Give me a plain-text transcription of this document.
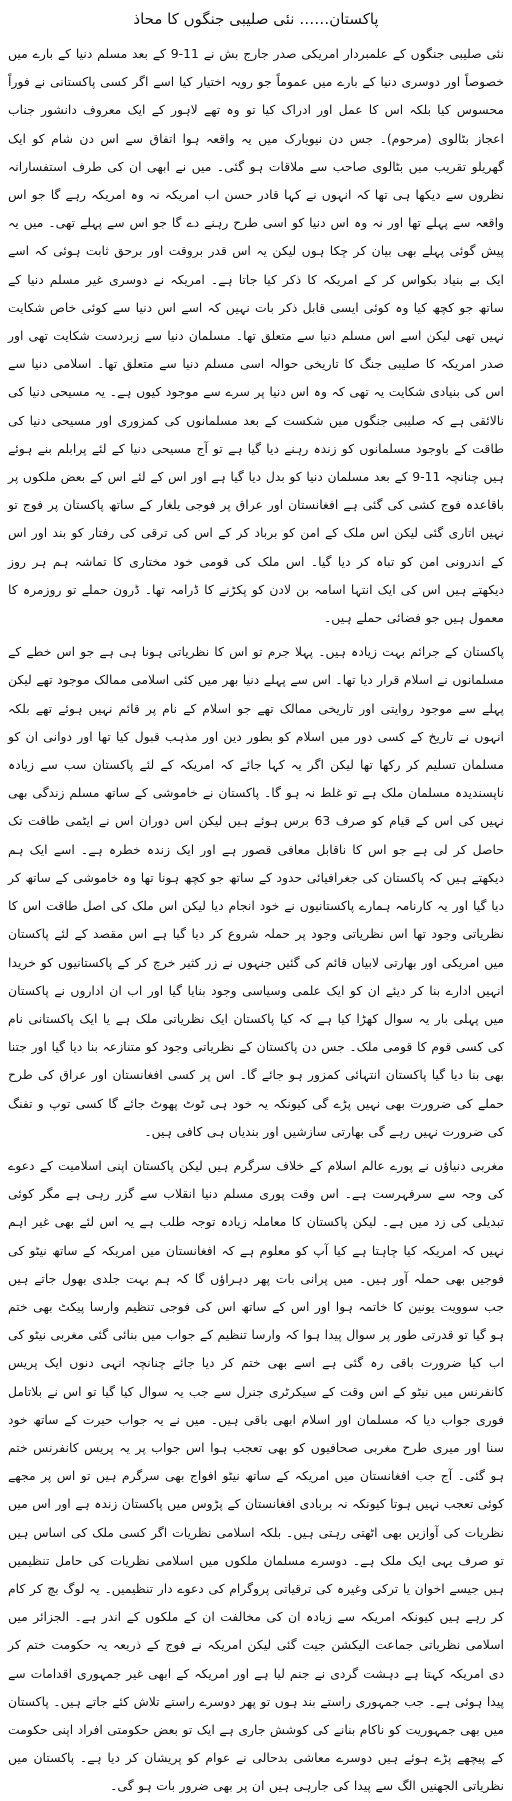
پاکستان…… نئی صلیبی جنگوں کا محاذ

نئی صلیبی جنگوں کے علمبردار امریکی صدر جارج بش نے 11-9 کے بعد مسلم دنیا کے بارے میں خصوصاً اور دوسری دنیا کے بارے میں عموماً جو رویہ اختیار کیا اسے اگر کسی پاکستانی نے فوراً محسوس کیا بلکہ اس کا عمل اور ادراک کیا تو وہ تھے لاہور کے ایک معروف دانشور جناب اعجاز بٹالوی (مرحوم)۔ جس دن نیویارک میں یہ واقعہ ہوا اتفاق سے اس دن شام کو ایک گھریلو تقریب میں بٹالوی صاحب سے ملاقات ہو گئی۔ میں نے ابھی ان کی طرف استفسارانہ نظروں سے دیکھا ہی تھا کہ انہوں نے کہا قادر حسن اب امریکہ نہ وہ امریکہ رہے گا جو اس واقعہ سے پہلے تھا اور نہ وہ اس دنیا کو اسی طرح رہنے دے گا جو اس سے پہلے تھی۔ میں یہ پیش گوئی پہلے بھی بیان کر چکا ہوں لیکن یہ اس قدر بروقت اور برحق ثابت ہوئی کہ اسے ایک بے بنیاد بکواس کر کے امریکہ کا ذکر کیا جاتا ہے۔ امریکہ نے دوسری غیر مسلم دنیا کے ساتھ جو کچھ کیا وہ کوئی ایسی قابل ذکر بات نہیں کہ اسے اس دنیا سے کوئی خاص شکایت نہیں تھی لیکن اسے اس مسلم دنیا سے متعلق تھا۔ مسلمان دنیا سے زبردست شکایت تھی اور صدر امریکہ کا صلیبی جنگ کا تاریخی حوالہ اسی مسلم دنیا سے متعلق تھا۔ اسلامی دنیا سے اس کی بنیادی شکایت یہ تھی کہ وہ اس دنیا پر سرے سے موجود کیوں ہے۔ یہ مسیحی دنیا کی نالائقی ہے کہ صلیبی جنگوں میں شکست کے بعد مسلمانوں کی کمزوری اور مسیحی دنیا کی طاقت کے باوجود مسلمانوں کو زندہ رہنے دیا گیا ہے تو آج مسیحی دنیا کے لئے پرابلم بنے ہوئے ہیں چنانچہ 11-9 کے بعد مسلمان دنیا کو بدل دیا گیا ہے اور اس کے لئے اس کے بعض ملکوں پر باقاعدہ فوج کشی کی گئی ہے افغانستان اور عراق پر فوجی یلغار کے ساتھ پاکستان پر فوج تو نہیں اتاری گئی لیکن اس ملک کے امن کو برباد کر کے اس کی ترقی کی رفتار کو بند اور اس کے اندرونی امن کو تباہ کر دیا گیا۔ اس ملک کی قومی خود مختاری کا تماشہ ہم ہر روز دیکھتے ہیں اس کی ایک انتہا اسامہ بن لادن کو پکڑنے کا ڈرامہ تھا۔ ڈرون حملے تو روزمرہ کا معمول ہیں جو فضائی حملے ہیں۔

پاکستان کے جرائم بہت زیادہ ہیں۔ پہلا جرم تو اس کا نظریاتی ہونا ہی ہے جو اس خطے کے مسلمانوں نے اسلام قرار دیا تھا۔ اس سے پہلے دنیا بھر میں کئی اسلامی ممالک موجود تھے لیکن پہلے سے موجود روایتی اور تاریخی ممالک تھے جو اسلام کے نام پر قائم نہیں ہوئے تھے بلکہ انہوں نے تاریخ کے کسی دور میں اسلام کو بطور دین اور مذہب قبول کیا تھا اور دوانی ان کو مسلمان تسلیم کر رکھا تھا لیکن اگر یہ کہا جائے کہ امریکہ کے لئے پاکستان سب سے زیادہ ناپسندیدہ مسلمان ملک ہے تو غلط نہ ہو گا۔ پاکستان نے خاموشی کے ساتھ مسلم زندگی بھی نہیں کی اس کے قیام کو صرف 63 برس ہوئے ہیں لیکن اس دوران اس نے ایٹمی طاقت تک حاصل کر لی ہے جو اس کا ناقابل معافی قصور ہے اور ایک زندہ خطرہ ہے۔ اسے ایک ہم دیکھتے ہیں کہ پاکستان کی جغرافیائی حدود کے ساتھ جو کچھ ہونا تھا وہ خاموشی کے ساتھ کر دیا گیا اور یہ کارنامہ ہمارے پاکستانیوں نے خود انجام دیا لیکن اس ملک کی اصل طاقت اس کا نظریاتی وجود تھا اس نظریاتی وجود پر حملہ شروع کر دیا گیا ہے اس مقصد کے لئے پاکستان میں امریکی اور بھارتی لابیاں قائم کی گئیں جنہوں نے زر کثیر خرچ کر کے پاکستانیوں کو خریدا انہیں ادارے بنا کر دیئے ان کو ایک علمی وسیاسی وجود بنایا گیا اور اب ان اداروں نے پاکستان میں پہلی بار یہ سوال کھڑا کیا ہے کہ کیا پاکستان ایک نظریاتی ملک ہے یا ایک پاکستانی نام کی کسی قوم کا قومی ملک۔ جس دن پاکستان کے نظریاتی وجود کو متنازعہ بنا دیا گیا اور جتنا بھی بنا دیا گیا پاکستان انتہائی کمزور ہو جائے گا۔ اس پر کسی افغانستان اور عراق کی طرح حملے کی ضرورت بھی نہیں پڑے گی کیونکہ یہ خود ہی ٹوٹ پھوٹ جائے گا کسی توپ و تفنگ کی ضرورت نہیں رہے گی بھارتی سازشیں اور بندیاں ہی کافی ہیں۔

مغربی دنیاؤں نے پورے عالم اسلام کے خلاف سرگرم ہیں لیکن پاکستان اپنی اسلامیت کے دعوے کی وجہ سے سرفہرست ہے۔ اس وقت پوری مسلم دنیا انقلاب سے گزر رہی ہے مگر کوئی تبدیلی کی زد میں ہے۔ لیکن پاکستان کا معاملہ زیادہ توجہ طلب ہے یہ اس لئے بھی غیر اہم نہیں کہ امریکہ کیا چاہتا ہے کیا آپ کو معلوم ہے کہ افغانستان میں امریکہ کے ساتھ نیٹو کی فوجیں بھی حملہ آور ہیں۔ میں پرانی بات پھر دہراؤں گا کہ ہم بہت جلدی بھول جاتے ہیں جب سوویت یونین کا خاتمہ ہوا اور اس کے ساتھ اس کی فوجی تنظیم وارسا پیکٹ بھی ختم ہو گیا تو قدرتی طور پر سوال پیدا ہوا کہ وارسا تنظیم کے جواب میں بنائی گئی مغربی نیٹو کی اب کیا ضرورت باقی رہ گئی ہے اسے بھی ختم کر دیا جائے چنانچہ انہی دنوں ایک پریس کانفرنس میں نیٹو کے اس وقت کے سیکرٹری جنرل سے جب یہ سوال کیا گیا تو اس نے بلاتامل فوری جواب دیا کہ مسلمان اور اسلام ابھی باقی ہیں۔ میں نے یہ جواب حیرت کے ساتھ خود سنا اور میری طرح مغربی صحافیوں کو بھی تعجب ہوا اس جواب پر یہ پریس کانفرنس ختم ہو گئی۔ آج جب افغانستان میں امریکہ کے ساتھ نیٹو افواج بھی سرگرم ہیں تو اس پر مجھے کوئی تعجب نہیں ہوتا کیونکہ نہ بربادی افغانستان کے پڑوس میں پاکستان زندہ ہے اور اس میں نظریات کی آوازیں بھی اٹھتی رہتی ہیں۔ بلکہ اسلامی نظریات اگر کسی ملک کی اساس ہیں تو صرف یہی ایک ملک ہے۔ دوسرے مسلمان ملکوں میں اسلامی نظریات کی حامل تنظیمیں ہیں جیسے اخوان یا ترکی وغیرہ کی ترقیاتی پروگرام کی دعوے دار تنظیمیں۔ یہ لوگ بچ کر کام کر رہے ہیں کیونکہ امریکہ سے زیادہ ان کی مخالفت ان کے ملکوں کے اندر ہے۔ الجزائر میں اسلامی نظریاتی جماعت الیکشن جیت گئی لیکن امریکہ نے فوج کے ذریعہ یہ حکومت ختم کر دی امریکہ کہتا ہے دہشت گردی نے جنم لیا ہے اور امریکہ کے ابھی غیر جمہوری اقدامات سے پیدا ہوئی ہے۔ جب جمہوری راستے بند ہوں تو پھر دوسرے راستے تلاش کئے جاتے ہیں۔ پاکستان میں بھی جمہوریت کو ناکام بنانے کی کوشش جاری ہے ایک تو بعض حکومتی افراد اپنی حکومت کے پیچھے پڑے ہوئے ہیں دوسرے معاشی بدحالی نے عوام کو پریشان کر دیا ہے۔ پاکستان میں نظریاتی الجھنیں الگ سے پیدا کی جارہی ہیں ان پر بھی ضرور بات ہو گی۔
